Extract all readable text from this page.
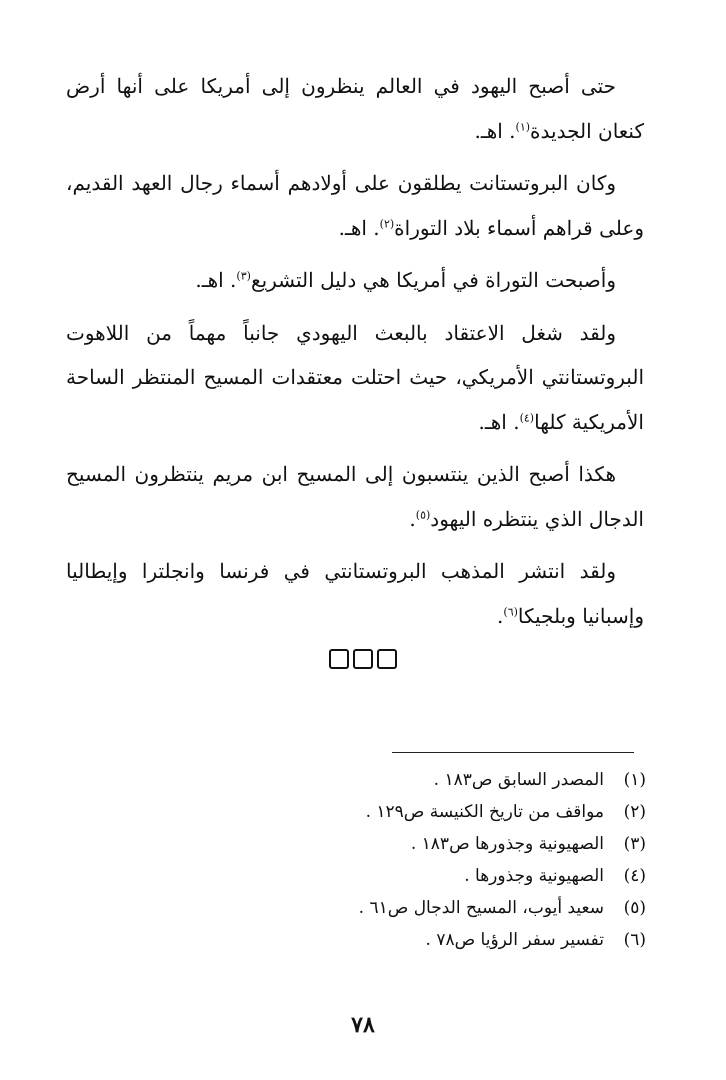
حتى أصبح اليهود في العالم ينظرون إلى أمريكا على أنها أرض كنعان الجديدة$^{(١)}$. اهـ.

وكان البروتستانت يطلقون على أولادهم أسماء رجال العهد القديم، وعلى قراهم أسماء بلاد التوراة$^{(٢)}$. اهـ.

وأصبحت التوراة في أمريكا هي دليل التشريع$^{(٣)}$. اهـ.

ولقد شغل الاعتقاد بالبعث اليهودي جانباً مهماً من اللاهوت البروتستانتي الأمريكي، حيث احتلت معتقدات المسيح المنتظر الساحة الأمريكية كلها$^{(٤)}$. اهـ.

هكذا أصبح الذين ينتسبون إلى المسيح ابن مريم ينتظرون المسيح الدجال الذي ينتظره اليهود$^{(٥)}$.

ولقد انتشر المذهب البروتستانتي في فرنسا وانجلترا وإيطاليا وإسبانيا وبلجيكا$^{(٦)}$.

(١)المصدر السابق ص١٨٣ .
(٢)مواقف من تاريخ الكنيسة ص١٢٩ .
(٣)الصهيونية وجذورها ص١٨٣ .
(٤)الصهيونية وجذورها .
(٥)سعيد أيوب، المسيح الدجال ص٦١ .
(٦)تفسير سفر الرؤيا ص٧٨ .
٧٨
